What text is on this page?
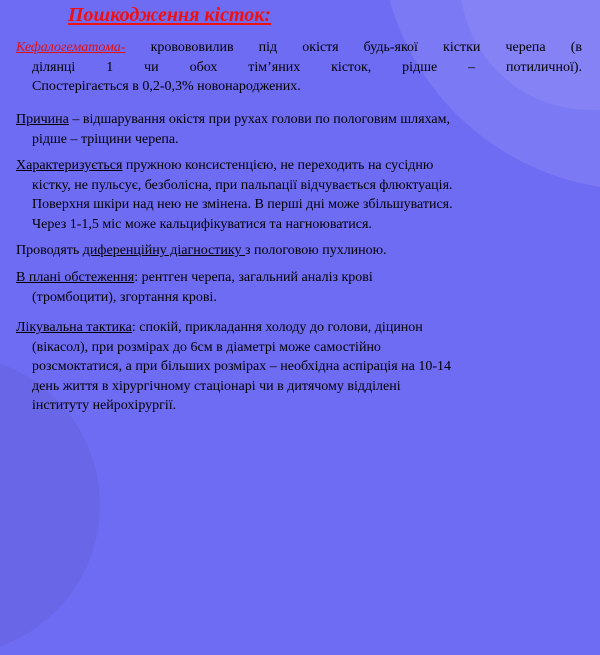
Пошкодження кісток:
Кефалогематома- кровововилив під окістя будь-якої кістки черепа (в
ділянці 1 чи обох тім’яних кісток, рідше – потиличної).
Спостерігається в 0,2-0,3% новонароджених.
Причина – відшарування окістя при рухах голови по пологовим шляхам,
рідше – тріщини черепа.
Характеризується пружною консистенцією, не переходить на сусідню
кістку, не пульсує, безболісна, при пальпації відчувається флюктуація.
Поверхня шкіри над нею не змінена. В перші дні може збільшуватися.
Через 1-1,5 міс може кальцифікуватися та нагноюватися.
Проводять диференційну діагностику з пологовою пухлиною.
В плані обстеження: рентген черепа, загальний аналіз крові
(тромбоцити), згортання крові.
Лікувальна тактика: спокій, прикладання холоду до голови, діцинон
(вікасол), при розмірах до 6см в діаметрі може самостійно
розсмоктатися, а при більших розмірах – необхідна аспірація на 10-14
день життя в хірургічному стаціонарі чи в дитячому відділені
інституту нейрохірургії.
